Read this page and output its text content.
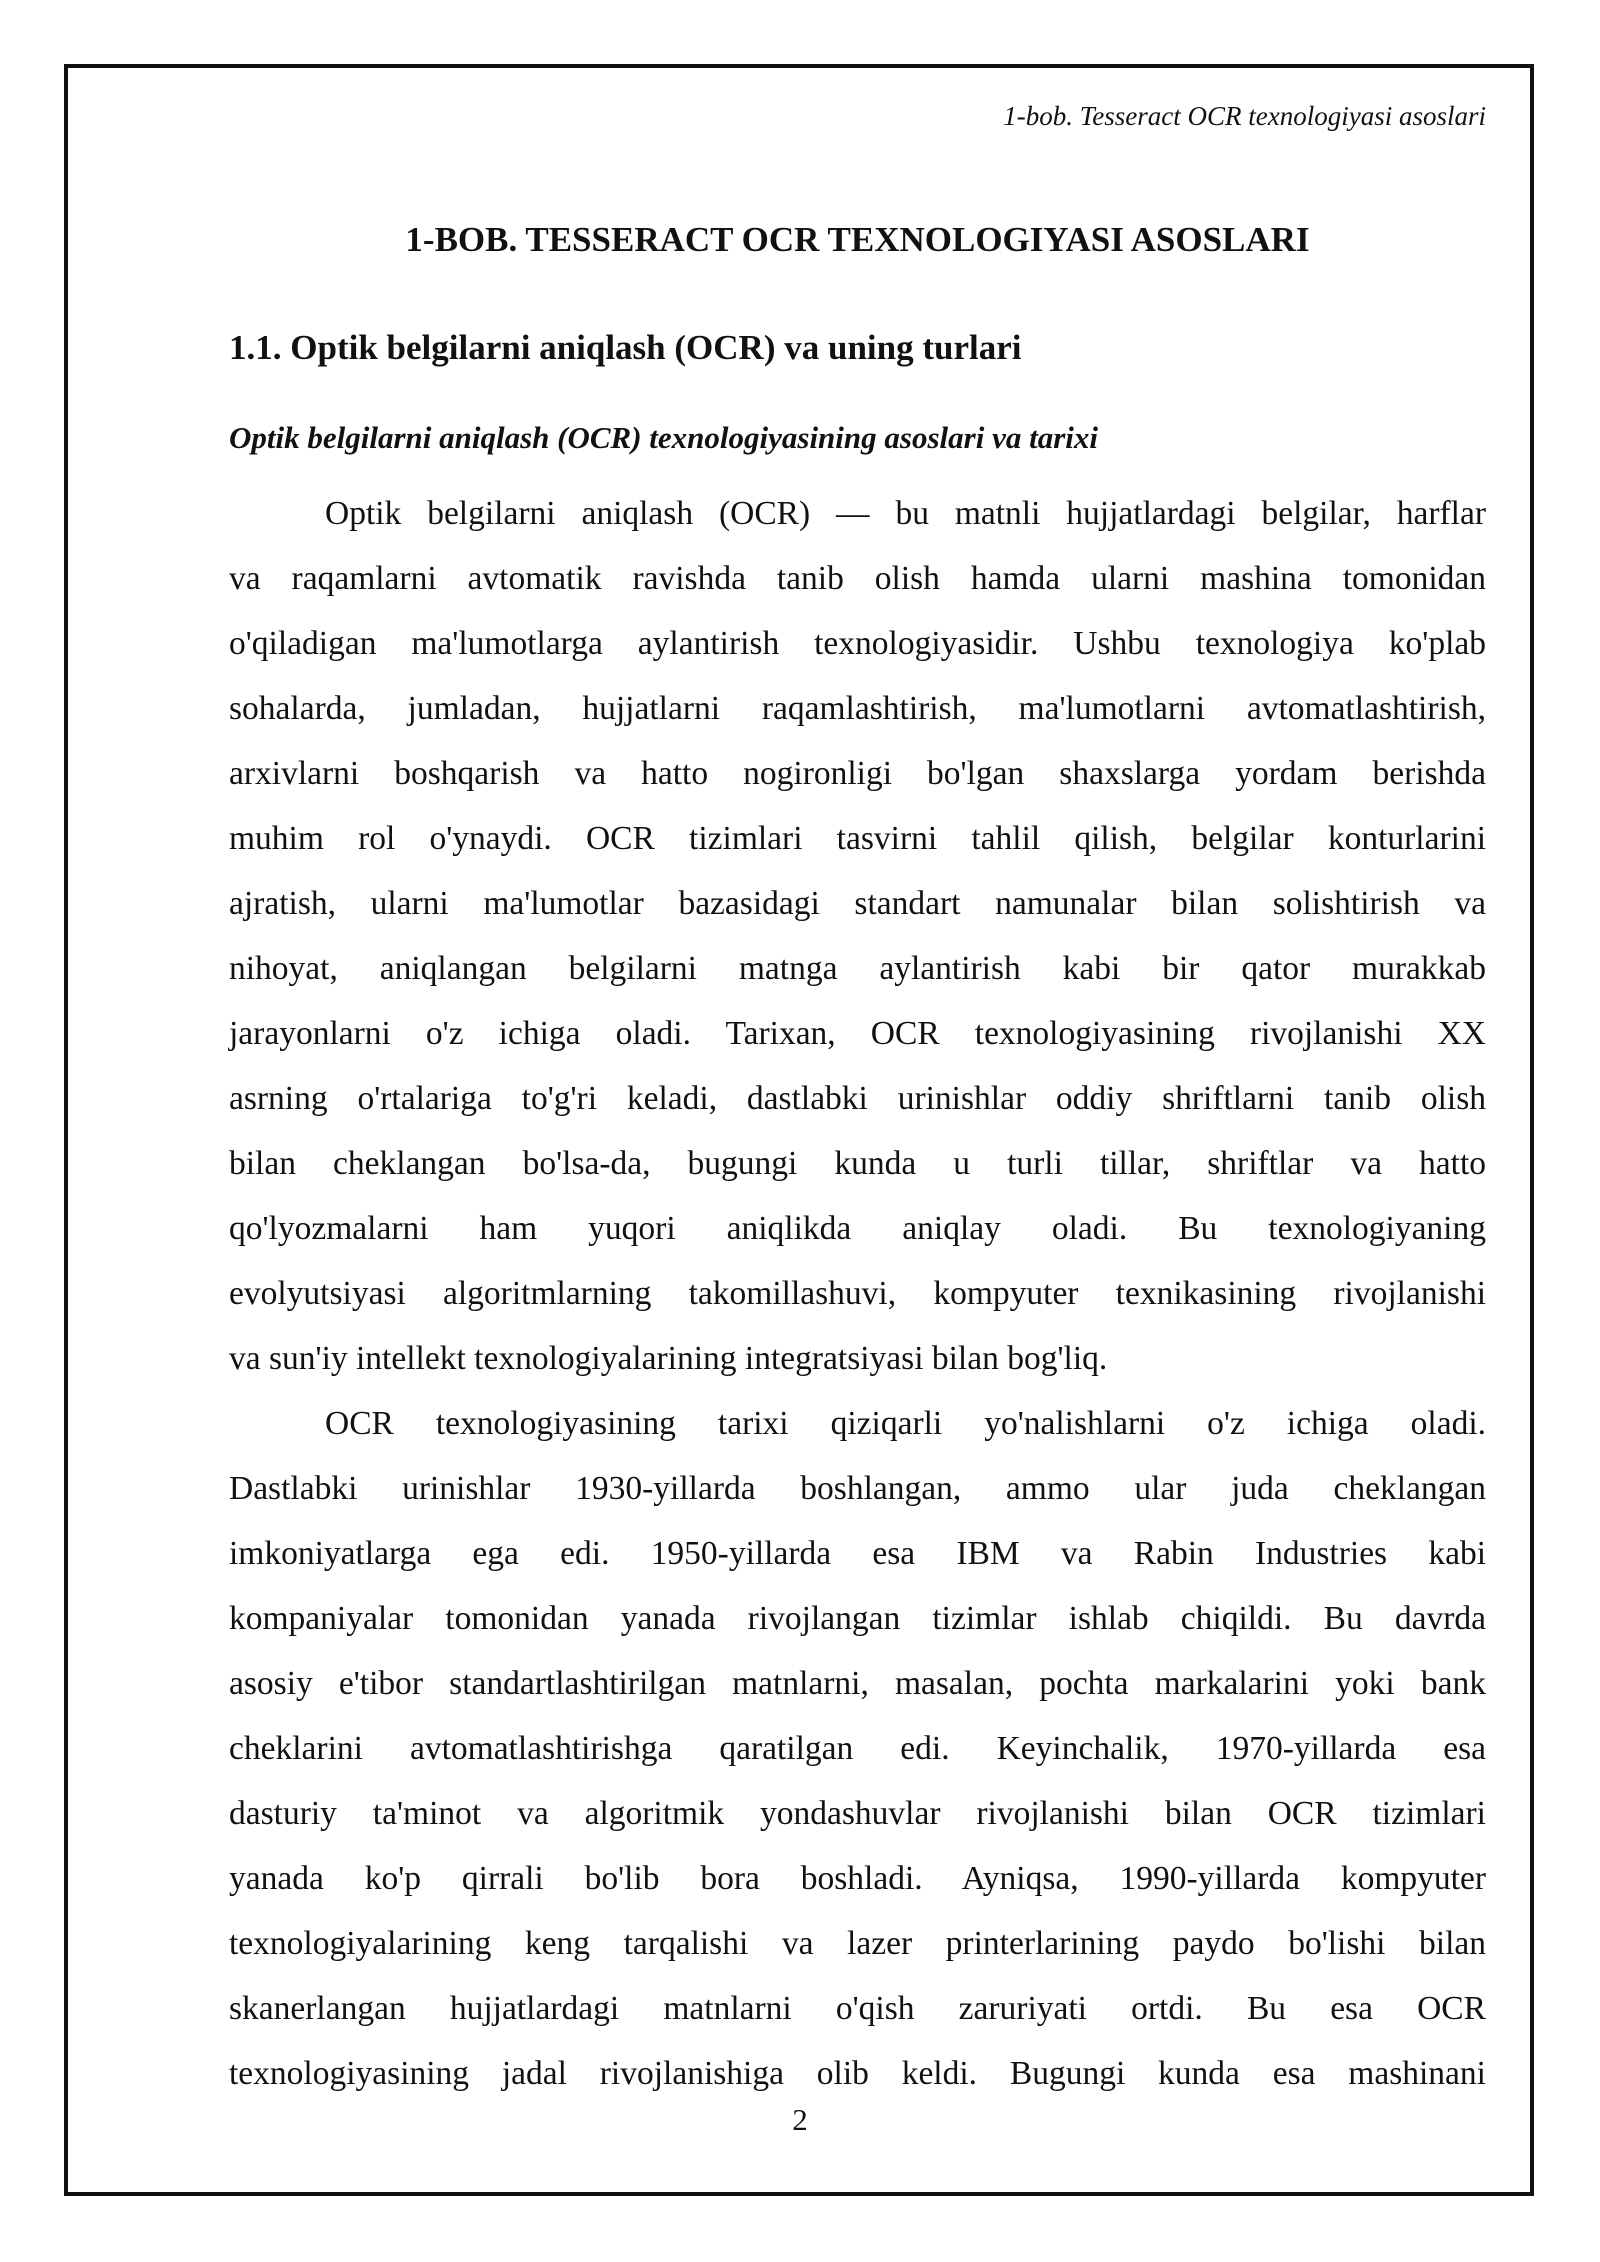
1-bob. Tesseract OCR texnologiyasi asoslari
1-BOB. TESSERACT OCR TEXNOLOGIYASI ASOSLARI
1.1. Optik belgilarni aniqlash (OCR) va uning turlari
Optik belgilarni aniqlash (OCR) texnologiyasining asoslari va tarixi
Optik belgilarni aniqlash (OCR) — bu matnli hujjatlardagi belgilar, harflar
va raqamlarni avtomatik ravishda tanib olish hamda ularni mashina tomonidan
o'qiladigan ma'lumotlarga aylantirish texnologiyasidir. Ushbu texnologiya ko'plab
sohalarda, jumladan, hujjatlarni raqamlashtirish, ma'lumotlarni avtomatlashtirish,
arxivlarni boshqarish va hatto nogironligi bo'lgan shaxslarga yordam berishda
muhim rol o'ynaydi. OCR tizimlari tasvirni tahlil qilish, belgilar konturlarini
ajratish, ularni ma'lumotlar bazasidagi standart namunalar bilan solishtirish va
nihoyat, aniqlangan belgilarni matnga aylantirish kabi bir qator murakkab
jarayonlarni o'z ichiga oladi. Tarixan, OCR texnologiyasining rivojlanishi XX
asrning o'rtalariga to'g'ri keladi, dastlabki urinishlar oddiy shriftlarni tanib olish
bilan cheklangan bo'lsa-da, bugungi kunda u turli tillar, shriftlar va hatto
qo'lyozmalarni ham yuqori aniqlikda aniqlay oladi. Bu texnologiyaning
evolyutsiyasi algoritmlarning takomillashuvi, kompyuter texnikasining rivojlanishi
va sun'iy intellekt texnologiyalarining integratsiyasi bilan bog'liq.
OCR texnologiyasining tarixi qiziqarli yo'nalishlarni o'z ichiga oladi.
Dastlabki urinishlar 1930-yillarda boshlangan, ammo ular juda cheklangan
imkoniyatlarga ega edi. 1950-yillarda esa IBM va Rabin Industries kabi
kompaniyalar tomonidan yanada rivojlangan tizimlar ishlab chiqildi. Bu davrda
asosiy e'tibor standartlashtirilgan matnlarni, masalan, pochta markalarini yoki bank
cheklarini avtomatlashtirishga qaratilgan edi. Keyinchalik, 1970-yillarda esa
dasturiy ta'minot va algoritmik yondashuvlar rivojlanishi bilan OCR tizimlari
yanada ko'p qirrali bo'lib bora boshladi. Ayniqsa, 1990-yillarda kompyuter
texnologiyalarining keng tarqalishi va lazer printerlarining paydo bo'lishi bilan
skanerlangan hujjatlardagi matnlarni o'qish zaruriyati ortdi. Bu esa OCR
texnologiyasining jadal rivojlanishiga olib keldi. Bugungi kunda esa mashinani
2
